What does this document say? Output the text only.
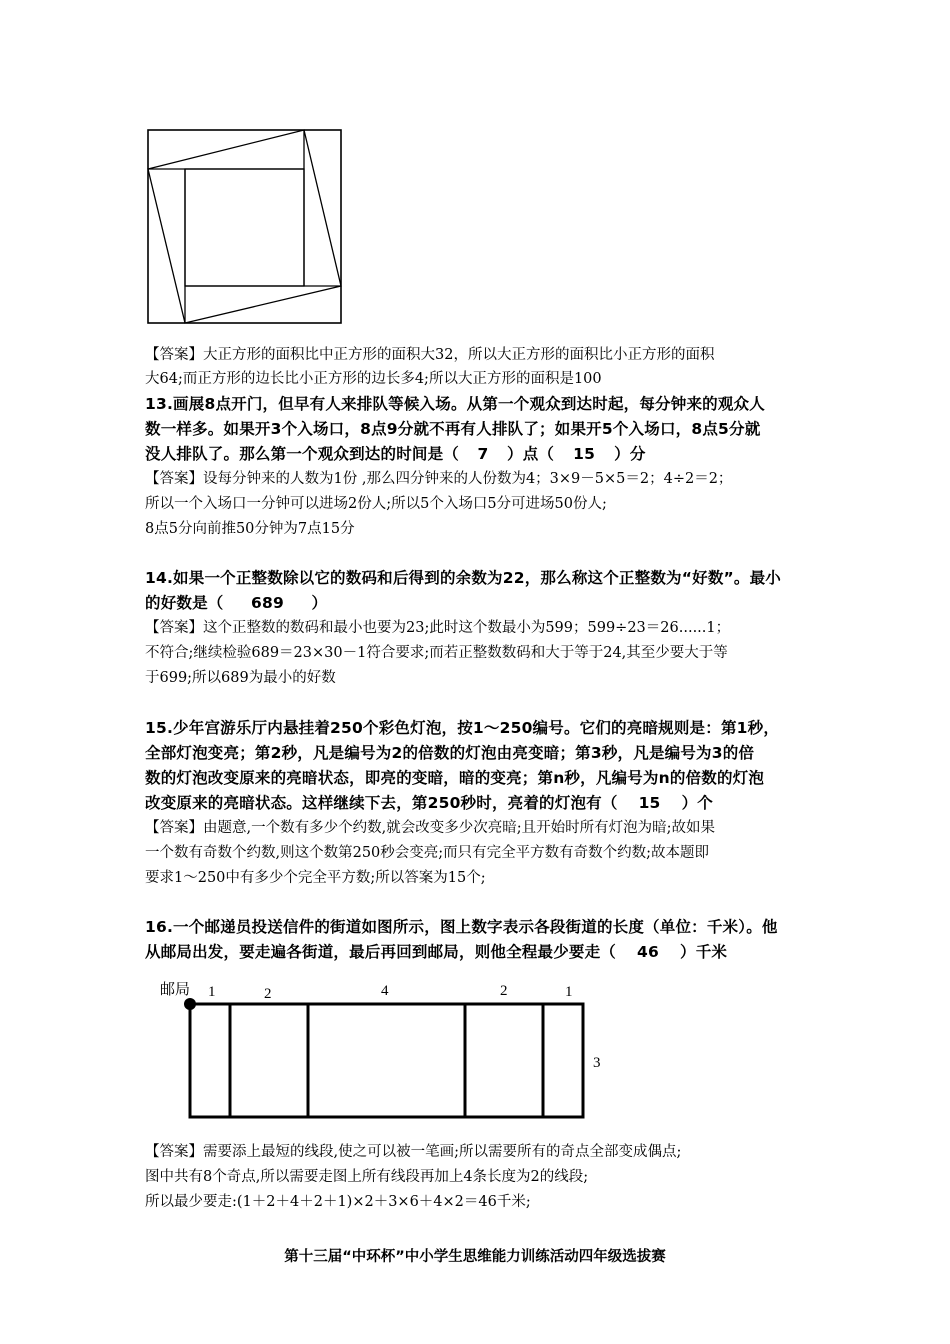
【答案】大正方形的面积比中正方形的面积大32，所以大正方形的面积比小正方形的面积
大64;而正方形的边长比小正方形的边长多4;所以大正方形的面积是100
13.画展8点开门，但早有人来排队等候入场。从第一个观众到达时起，每分钟来的观众人
数一样多。如果开3个入场口，8点9分就不再有人排队了；如果开5个入场口，8点5分就
没人排队了。那么第一个观众到达的时间是（ 7 ）点（ 15 ）分
【答案】设每分钟来的人数为1份 ,那么四分钟来的人份数为4；3×9－5×5＝2；4÷2＝2；
所以一个入场口一分钟可以进场2份人;所以5个入场口5分可进场50份人;
8点5分向前推50分钟为7点15分
14.如果一个正整数除以它的数码和后得到的余数为22，那么称这个正整数为“好数”。最小
的好数是（ 689 ）
【答案】这个正整数的数码和最小也要为23;此时这个数最小为599；599÷23＝26......1；
不符合;继续检验689＝23×30－1符合要求;而若正整数数码和大于等于24,其至少要大于等
于699;所以689为最小的好数
15.少年宫游乐厅内悬挂着250个彩色灯泡，按1～250编号。它们的亮暗规则是：第1秒，
全部灯泡变亮；第2秒，凡是编号为2的倍数的灯泡由亮变暗；第3秒，凡是编号为3的倍
数的灯泡改变原来的亮暗状态，即亮的变暗，暗的变亮；第n秒，凡编号为n的倍数的灯泡
改变原来的亮暗状态。这样继续下去，第250秒时，亮着的灯泡有（ 15 ）个
【答案】由题意,一个数有多少个约数,就会改变多少次亮暗;且开始时所有灯泡为暗;故如果
一个数有奇数个约数,则这个数第250秒会变亮;而只有完全平方数有奇数个约数;故本题即
要求1～250中有多少个完全平方数;所以答案为15个;
16.一个邮递员投送信件的街道如图所示，图上数字表示各段街道的长度（单位：千米）。他
从邮局出发，要走遍各街道，最后再回到邮局，则他全程最少要走（ 46 ）千米
邮局 1	2	4	2	1
3
【答案】需要添上最短的线段,使之可以被一笔画;所以需要所有的奇点全部变成偶点;
图中共有8个奇点,所以需要走图上所有线段再加上4条长度为2的线段;
所以最少要走:(1＋2＋4＋2＋1)×2＋3×6＋4×2＝46千米;
第十三届“中环杯”中小学生思维能力训练活动四年级选拔赛
